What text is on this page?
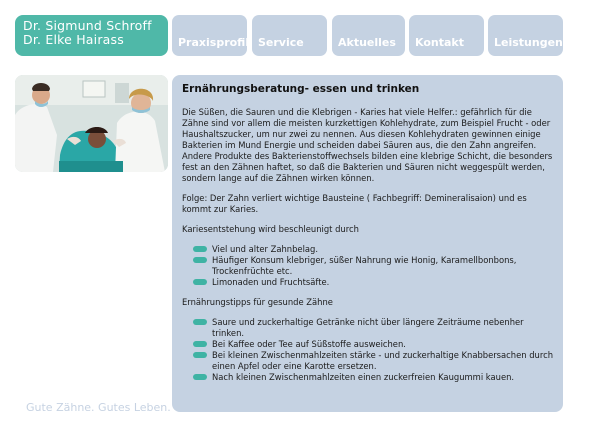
Dr. Sigmund Schroff
Dr. Elke Hairass	Praxisprofil Service	Aktuelles	Kontakt	Leistungen
Ernährungsberatung- essen und trinken
Die Süßen, die Sauren und die Klebrigen - Karies hat viele Helfer.: gefährlich für die Zähne sind vor allem die meisten kurzkettigen Kohlehydrate, zum Beispiel Frucht - oder Haushaltszucker, um nur zwei zu nennen. Aus diesen Kohlehydraten gewinnen einige Bakterien im Mund Energie und scheiden dabei Säuren aus, die den Zahn angreifen. Andere Produkte des Bakterienstoffwechsels bilden eine klebrige Schicht, die besonders fest an den Zähnen haftet, so daß die Bakterien und Säuren nicht weggespült werden, sondern lange auf die Zähnen wirken können.
Folge: Der Zahn verliert wichtige Bausteine ( Fachbegriff: Demineralisaion) und es kommt zur Karies.
Kariesentstehung wird beschleunigt durch
Viel und alter Zahnbelag.
Häufiger Konsum klebriger, süßer Nahrung wie Honig, Karamellbonbons, Trockenfrüchte etc.
Limonaden und Fruchtsäfte.
Ernährungstipps für gesunde Zähne
Saure und zuckerhaltige Getränke nicht über längere Zeiträume nebenher trinken.
Bei Kaffee oder Tee auf Süßstoffe ausweichen.
Bei kleinen Zwischenmahlzeiten stärke - und zuckerhaltige Knabbersachen durch einen Apfel oder eine Karotte ersetzen.
Nach kleinen Zwischenmahlzeiten einen zuckerfreien Kaugummi kauen.
Gute Zähne. Gutes Leben.
